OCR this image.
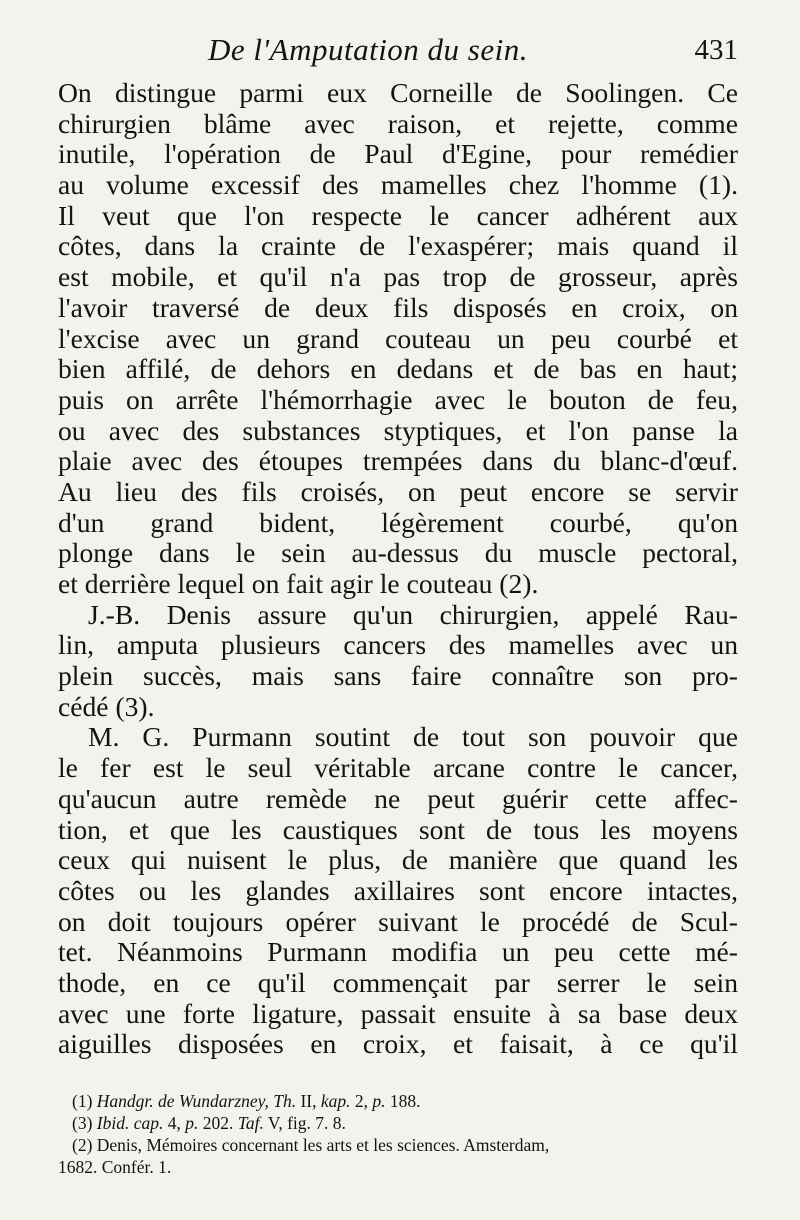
De l'Amputation du sein.	431
On distingue parmi eux Corneille de Soolingen. Ce
chirurgien blâme avec raison, et rejette, comme
inutile, l'opération de Paul d'Egine, pour remédier
au volume excessif des mamelles chez l'homme (1).
Il veut que l'on respecte le cancer adhérent aux
côtes, dans la crainte de l'exaspérer; mais quand il
est mobile, et qu'il n'a pas trop de grosseur, après
l'avoir traversé de deux fils disposés en croix, on
l'excise avec un grand couteau un peu courbé et
bien affilé, de dehors en dedans et de bas en haut;
puis on arrête l'hémorrhagie avec le bouton de feu,
ou avec des substances styptiques, et l'on panse la
plaie avec des étoupes trempées dans du blanc-d'œuf.
Au lieu des fils croisés, on peut encore se servir
d'un grand bident, légèrement courbé, qu'on
plonge dans le sein au-dessus du muscle pectoral,
et derrière lequel on fait agir le couteau (2).
J.-B. Denis assure qu'un chirurgien, appelé Rau-
lin, amputa plusieurs cancers des mamelles avec un
plein succès, mais sans faire connaître son pro-
cédé (3).
M. G. Purmann soutint de tout son pouvoir que
le fer est le seul véritable arcane contre le cancer,
qu'aucun autre remède ne peut guérir cette affec-
tion, et que les caustiques sont de tous les moyens
ceux qui nuisent le plus, de manière que quand les
côtes ou les glandes axillaires sont encore intactes,
on doit toujours opérer suivant le procédé de Scul-
tet. Néanmoins Purmann modifia un peu cette mé-
thode, en ce qu'il commençait par serrer le sein
avec une forte ligature, passait ensuite à sa base deux
aiguilles disposées en croix, et faisait, à ce qu'il
(1) Handgr. de Wundarzney, Th. II, kap. 2, p. 188.
(3) Ibid. cap. 4, p. 202. Taf. V, fig. 7. 8.
(2) Denis, Mémoires concernant les arts et les sciences. Amsterdam,
1682. Confér. 1.
